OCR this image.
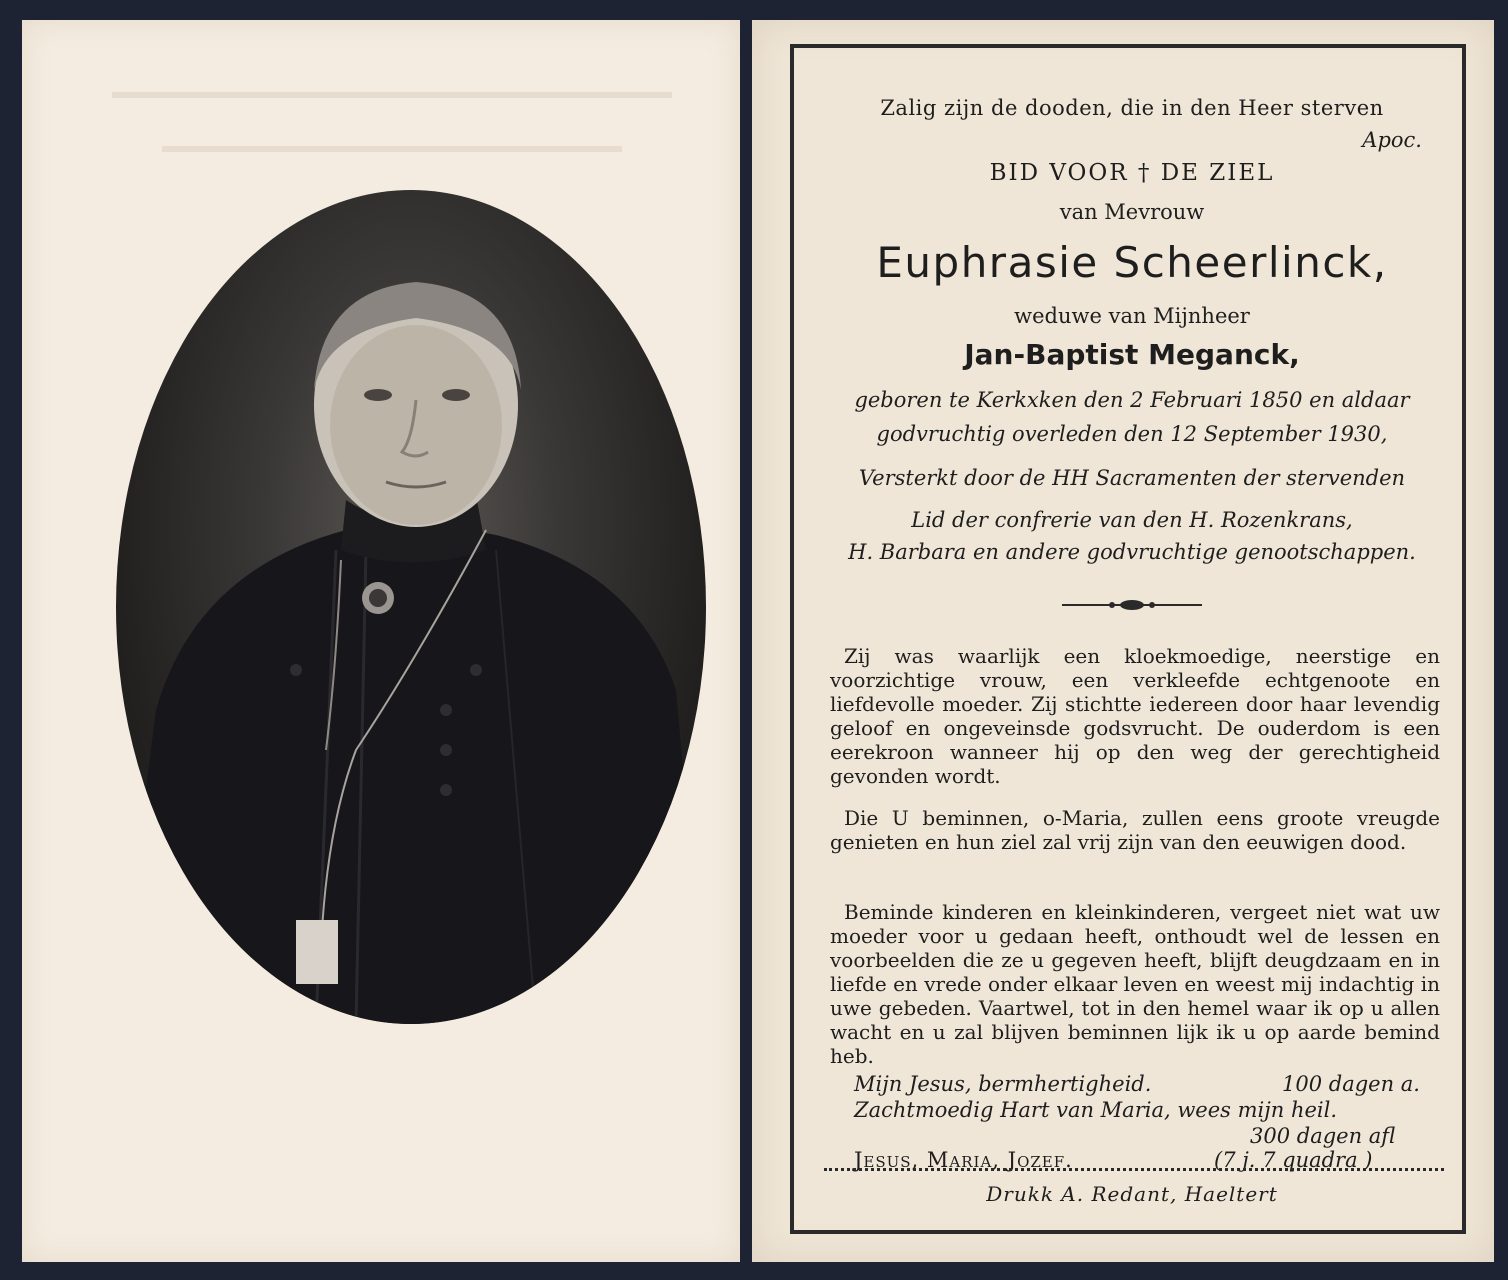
Zalig zijn de dooden, die in den Heer sterven
Apoc.
BID VOOR † DE ZIEL
van Mevrouw
Euphrasie Scheerlinck,
weduwe van Mijnheer
Jan-Baptist Meganck,
geboren te Kerkxken den 2 Februari 1850 en aldaar
godvruchtig overleden den 12 September 1930,
Versterkt door de HH Sacramenten der stervenden
Lid der confrerie van den H. Rozenkrans,
H. Barbara en andere godvruchtige genootschappen.
Zij was waarlijk een kloekmoedige, neerstige en voorzichtige vrouw, een verkleefde echtgenoote en liefdevolle moeder. Zij stichtte iedereen door haar levendig geloof en ongeveinsde godsvrucht. De ouderdom is een eerekroon wanneer hij op den weg der gerechtigheid gevonden wordt.
Die U beminnen, o-Maria, zullen eens groote vreugde genieten en hun ziel zal vrij zijn van den eeuwigen dood.
Beminde kinderen en kleinkinderen, vergeet niet wat uw moeder voor u gedaan heeft, onthoudt wel de lessen en voorbeelden die ze u gegeven heeft, blijft deugdzaam en in liefde en vrede onder elkaar leven en weest mij indachtig in uwe gebeden. Vaartwel, tot in den hemel waar ik op u allen wacht en u zal blijven beminnen lijk ik u op aarde bemind heb.
Mijn Jesus, bermhertigheid.	100 dagen a.
Zachtmoedig Hart van Maria, wees mijn heil.
300 dagen afl
Jesus, Maria, Jozef.	(7 j. 7 quadra )
Drukk A. Redant, Haeltert
